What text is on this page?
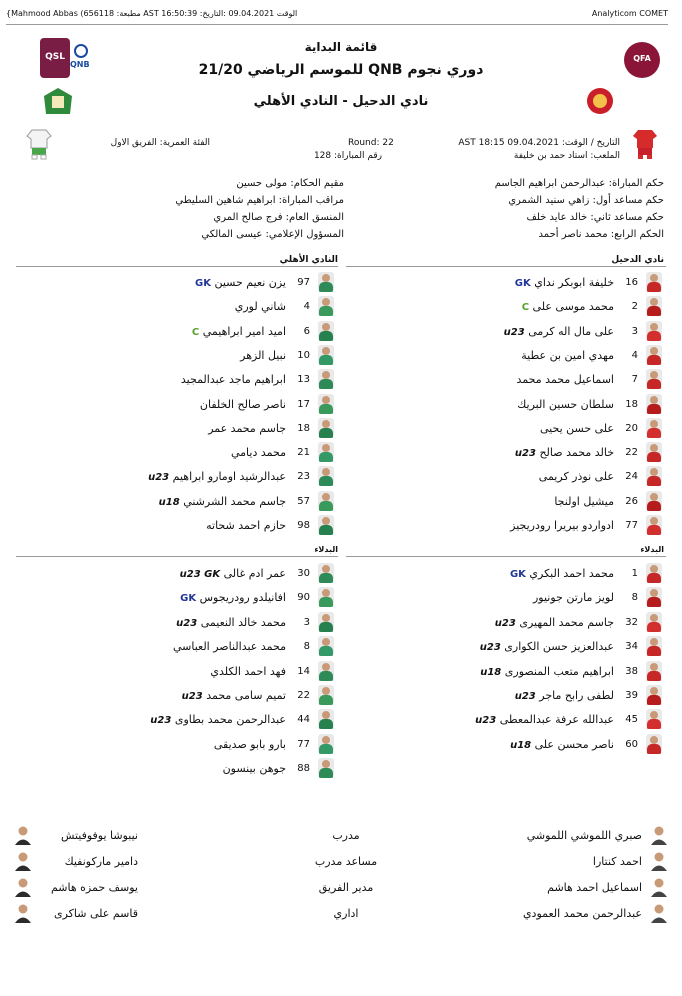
{Mahmood Abbas (656118 :مطبعة AST 16:50:39 :الوقت 09.04.2021 :التاريخ	Analyticom COMET
QSL
QNB
QFA
قائمة البداية
دوري نجوم QNB للموسم الرياضي 21/20
نادي الدحيل - النادي الأهلي
التاريخ / الوقت: 09.04.2021 AST 18:15
الملعب: استاد حمد بن خليفة
Round: 22
رقم المباراة: 128
الفئة العمرية: الفريق الاول
حكم المباراة: عبدالرحمن ابراهيم الجاسم
حكم مساعد أول: زاهي سنيد الشمري
حكم مساعد ثاني: خالد عايد خلف
الحكم الرابع: محمد ناصر أحمد
مقيم الحكام: مولى حسين
مراقب المباراة: ابراهيم شاهين السليطي
المنسق العام: فرج صالح المري
المسؤول الإعلامي: عيسى المالكي
نادي الدحيل
النادي الأهلي
16
خليفة ابوبكر نداي GK
2
محمد موسى على C
3
على مال اله كرمى u23
4
مهدي امين بن عطية
7
اسماعيل محمد محمد
18
سلطان حسين البريك
20
على حسن يحيى
22
خالد محمد صالح u23
24
على نوذر كريمى
26
ميشيل اولنجا
77
ادواردو بيريرا رودريجيز
97
يزن نعيم حسين GK
4
شاني لوري
6
اميد امير ابراهيمي C
10
نبيل الزهر
13
ابراهيم ماجد عبدالمجيد
17
ناصر صالح الخلفان
18
جاسم محمد عمر
21
محمد ديامي
23
عبدالرشيد اومارو ابراهيم u23
57
جاسم محمد الشرشني u18
98
حازم احمد شحاته
البدلاء
البدلاء
1
محمد احمد البكري GK
8
لويز مارتن جونيور
32
جاسم محمد المهيرى u23
34
عبدالعزيز حسن الكوارى u23
38
ابراهيم متعب المنصورى u18
39
لطفى رابح ماجر u23
45
عبدالله عرفة عبدالمعطى u23
60
ناصر محسن على u18
30
عمر ادم غالى u23 GK
90
افانيلدو رودريجوس GK
3
محمد خالد النعيمى u23
8
محمد عبدالناصر العباسي
14
فهد احمد الكلدي
22
تميم سامى محمد u23
44
عبدالرحمن محمد بطاوى u23
77
بارو بابو صديقى
88
جوهن بينسون
صبري اللموشي اللموشي
مدرب
نيبوشا يوفوفيتش
احمد كنتارا
مساعد مدرب
دامير ماركونفيك
اسماعيل احمد هاشم
مدير الفريق
يوسف حمزه هاشم
عبدالرحمن محمد العمودي
اداري
قاسم على شاكرى
